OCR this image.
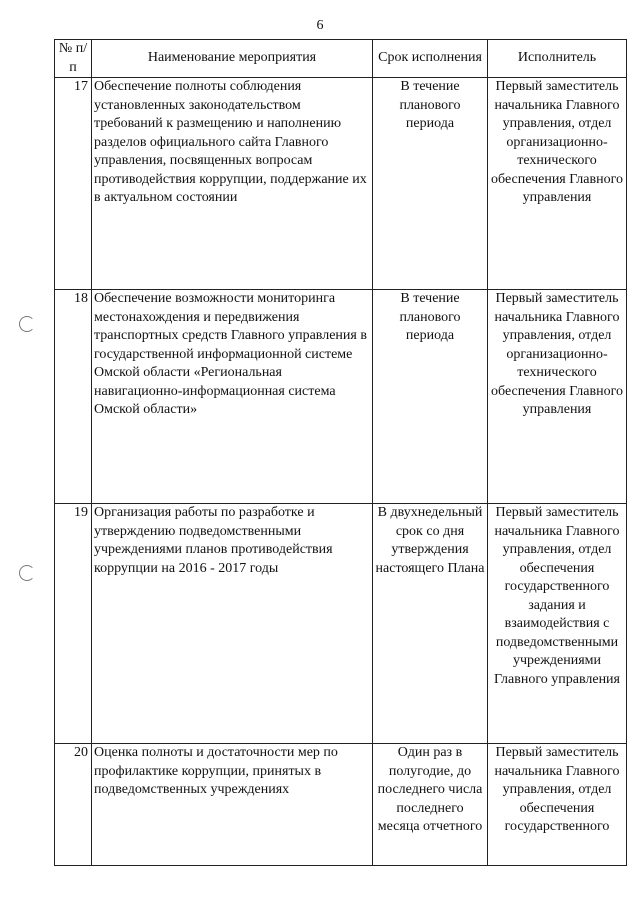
6
№ п/п	Наименование мероприятия	Срок исполнения	Исполнитель
17	Обеспечение полноты соблюдения установленных законодательством требований к размещению и наполнению разделов официального сайта Главного управления, посвященных вопросам противодействия коррупции, поддержание их в актуальном состоянии	В течение планового периода	Первый заместитель начальника Главного управления, отдел организационно-технического обеспечения Главного управления
18	Обеспечение возможности мониторинга местонахождения и передвижения транспортных средств Главного управления в государственной информационной системе Омской области «Региональная навигационно-информационная система Омской области»	В течение планового периода	Первый заместитель начальника Главного управления, отдел организационно-технического обеспечения Главного управления
19	Организация работы по разработке и утверждению подведомственными учреждениями планов противодействия коррупции на 2016 - 2017 годы	В двухнедельный срок со дня утверждения настоящего Плана	Первый заместитель начальника Главного управления, отдел обеспечения государственного задания и взаимодействия с подведомственными учреждениями Главного управления
20	Оценка полноты и достаточности мер по профилактике коррупции, принятых в подведомственных учреждениях	Один раз в полугодие, до последнего числа последнего месяца отчетного	Первый заместитель начальника Главного управления, отдел обеспечения государственного
